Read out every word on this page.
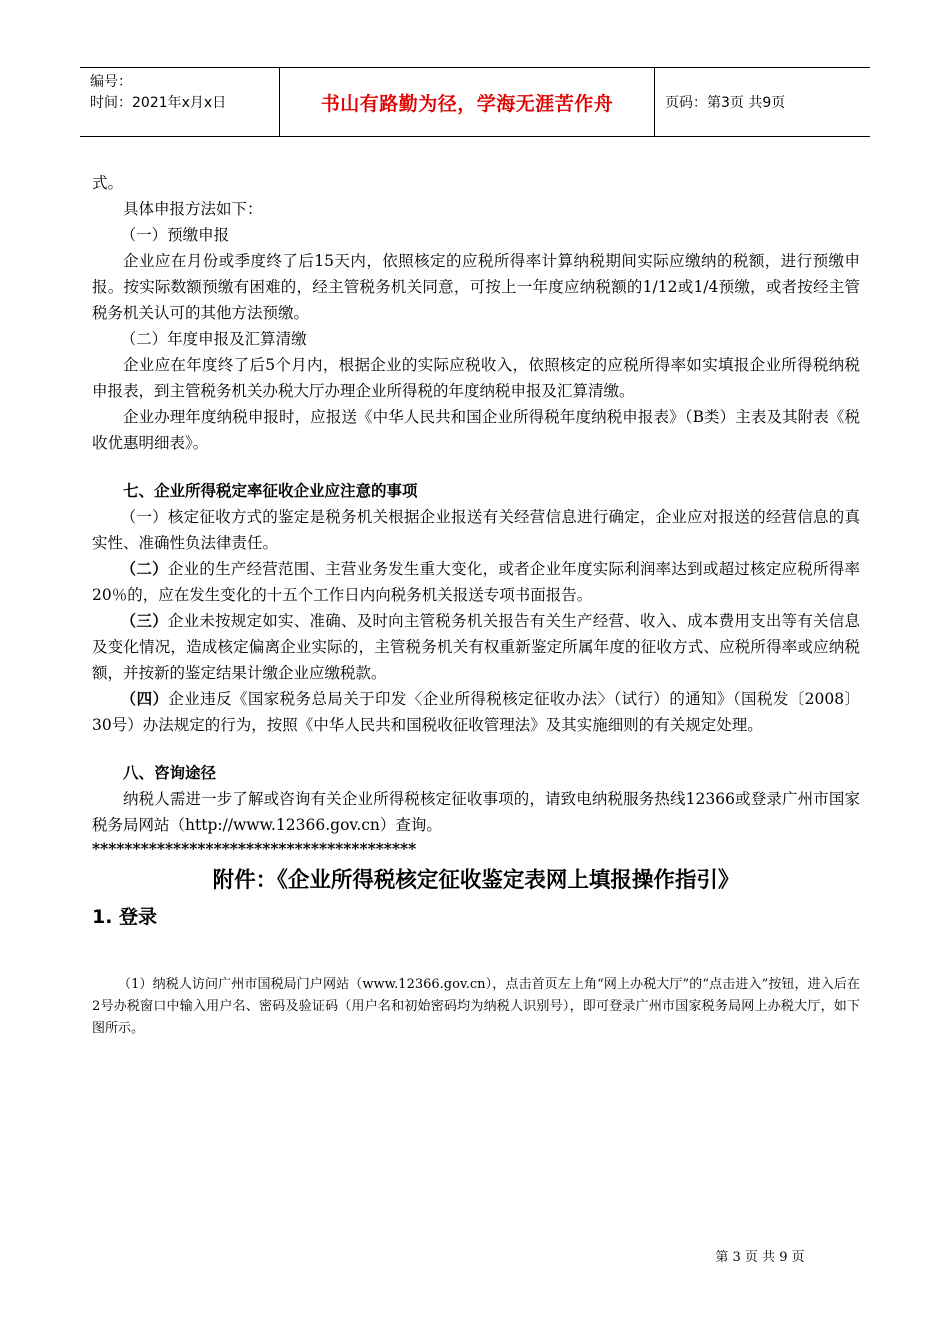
编号：
时间：2021年x月x日	书山有路勤为径，学海无涯苦作舟	页码：第3页 共9页

式。

具体申报方法如下：

（一）预缴申报

企业应在月份或季度终了后15天内，依照核定的应税所得率计算纳税期间实际应缴纳的税额，进行预缴申报。按实际数额预缴有困难的，经主管税务机关同意，可按上一年度应纳税额的1/12或1/4预缴，或者按经主管税务机关认可的其他方法预缴。

（二）年度申报及汇算清缴

企业应在年度终了后5个月内，根据企业的实际应税收入，依照核定的应税所得率如实填报企业所得税纳税申报表，到主管税务机关办税大厅办理企业所得税的年度纳税申报及汇算清缴。

企业办理年度纳税申报时，应报送《中华人民共和国企业所得税年度纳税申报表》（B类）主表及其附表《税收优惠明细表》。

七、企业所得税定率征收企业应注意的事项

（一）核定征收方式的鉴定是税务机关根据企业报送有关经营信息进行确定，企业应对报送的经营信息的真实性、准确性负法律责任。

（二）企业的生产经营范围、主营业务发生重大变化，或者企业年度实际利润率达到或超过核定应税所得率20％的，应在发生变化的十五个工作日内向税务机关报送专项书面报告。

（三）企业未按规定如实、准确、及时向主管税务机关报告有关生产经营、收入、成本费用支出等有关信息及变化情况，造成核定偏离企业实际的，主管税务机关有权重新鉴定所属年度的征收方式、应税所得率或应纳税额，并按新的鉴定结果计缴企业应缴税款。

（四）企业违反《国家税务总局关于印发〈企业所得税核定征收办法〉（试行）的通知》（国税发〔2008〕30号）办法规定的行为，按照《中华人民共和国税收征收管理法》及其实施细则的有关规定处理。

八、咨询途径

纳税人需进一步了解或咨询有关企业所得税核定征收事项的，请致电纳税服务热线12366或登录广州市国家税务局网站（http://www.12366.gov.cn）查询。

****************************************

附件：《企业所得税核定征收鉴定表网上填报操作指引》

1. 登录

（1）纳税人访问广州市国税局门户网站（www.12366.gov.cn），点击首页左上角“网上办税大厅”的“点击进入”按钮，进入后在2号办税窗口中输入用户名、密码及验证码（用户名和初始密码均为纳税人识别号），即可登录广州市国家税务局网上办税大厅，如下图所示。

第 3 页 共 9 页
